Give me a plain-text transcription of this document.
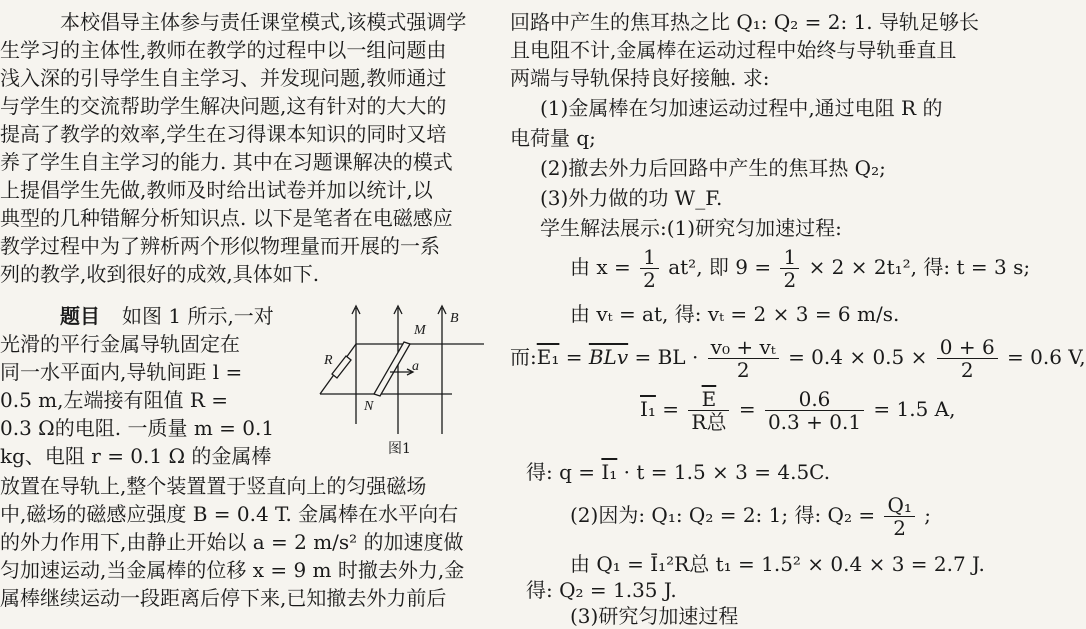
本校倡导主体参与责任课堂模式,该模式强调学
生学习的主体性,教师在教学的过程中以一组问题由
浅入深的引导学生自主学习、并发现问题,教师通过
与学生的交流帮助学生解决问题,这有针对的大大的
提高了教学的效率,学生在习得课本知识的同时又培
养了学生自主学习的能力. 其中在习题课解决的模式
上提倡学生先做,教师及时给出试卷并加以统计,以
典型的几种错解分析知识点. 以下是笔者在电磁感应
教学过程中为了辨析两个形似物理量而开展的一系
列的教学,收到很好的成效,具体如下.
题目 如图 1 所示,一对
光滑的平行金属导轨固定在
同一水平面内,导轨间距 l =
0.5 m,左端接有阻值 R =
0.3 Ω的电阻. 一质量 m = 0.1
kg、电阻 r = 0.1 Ω 的金属棒
放置在导轨上,整个装置置于竖直向上的匀强磁场
中,磁场的磁感应强度 B = 0.4 T. 金属棒在水平向右
的外力作用下,由静止开始以 a = 2 m/s² 的加速度做
匀加速运动,当金属棒的位移 x = 9 m 时撤去外力,金
属棒继续运动一段距离后停下来,已知撤去外力前后
M
N
R
B
a
图1
回路中产生的焦耳热之比 Q₁: Q₂ = 2: 1. 导轨足够长
且电阻不计,金属棒在运动过程中始终与导轨垂直且
两端与导轨保持良好接触. 求:
(1)金属棒在匀加速运动过程中,通过电阻 R 的
电荷量 q;
(2)撤去外力后回路中产生的焦耳热 Q₂;
(3)外力做的功 W_F.
学生解法展示:(1)研究匀加速过程:
由 $x = \frac{1}{2} at^2$, 即 $9 = \frac{1}{2} \times 2 \times 2t_1^2$, 得: t = 3 s;
由 vₜ = at, 得: vₜ = 2 × 3 = 6 m/s.
而:E₁ = $\overline{BLv}$ = BL · $\frac{\text{v₀ + vₜ}}{2} = 0.4 \times 0.5 \times \frac{0 + 6}{2} = 0.6$ V,
$I_1 = \frac{\overline{E}}{\text{R总}} = \frac{0.6}{0.3 + 0.1} = 1.5$ A,
得: q = I₁ · t = 1.5 × 3 = 4.5C.
(2)因为: Q₁: Q₂ = 2: 1; 得: $Q_2 = \frac{\text{Q₁}}{2}$ ;
由 Q₁ = Ī₁²R总 t₁ = 1.5² × 0.4 × 3 = 2.7 J.
得: Q₂ = 1.35 J.
(3)研究匀加速过程
